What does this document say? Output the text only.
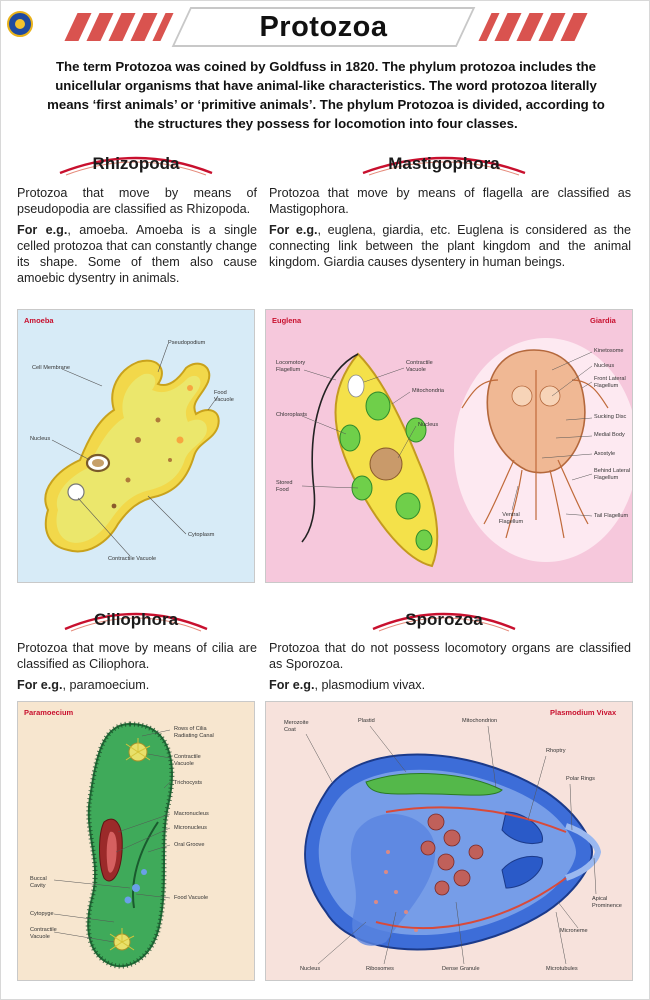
Protozoa
The term Protozoa was coined by Goldfuss in 1820. The phylum protozoa includes the unicellular organisms that have animal-like characteristics. The word protozoa literally means ‘first animals’ or ‘primitive animals’. The phylum Protozoa is divided, according to the structures they possess for locomotion into four classes.
Rhizopoda

Protozoa that move by means of pseudopodia are classified as Rhizopoda.

For e.g., amoeba. Amoeba is a single celled protozoa that can constantly change its shape. Some of them also cause amoebic dysentry in animals.

Mastigophora

Protozoa that move by means of flagella are classified as Mastigophora.

For e.g., euglena, giardia, etc. Euglena is considered as the connecting link between the plant kingdom and the animal kingdom. Giardia causes dysentery in human beings.

Amoeba
Pseudopodium
Cell Membrane
Nucleus
Food Vacuole
Cytoplasm
Contractile Vacuole
Euglena	Giardia
Locomotory Flagellum
Contractile Vacuole
Mitochondria
Chloroplasts
Nucleus
Stored Food
Kinetosome
Nucleus
Front Lateral Flagellum
Sucking Disc
Medial Body
Axostyle
Behind Lateral Flagellum
Ventral Flagellum
Tail Flagellum
Ciliophora

Protozoa that move by means of cilia are classified as Ciliophora.

For e.g., paramoecium.

Sporozoa

Protozoa that do not possess locomotory organs are classified as Sporozoa.

For e.g., plasmodium vivax.

Paramoecium
Rows of Cilia
Radiating Canal
Contractile Vacuole
Trichocysts
Macronucleus
Micronucleus
Oral Groove
Buccal Cavity
Food Vacuole
Cytopyge
Contractile Vacuole
Plasmodium Vivax
Merozoite Coat
Plastid	Mitochondrion
Rhoptry
Polar Rings
Apical Prominence
Microneme
Nucleus	Ribosomes	Dense Granule	Microtubules
